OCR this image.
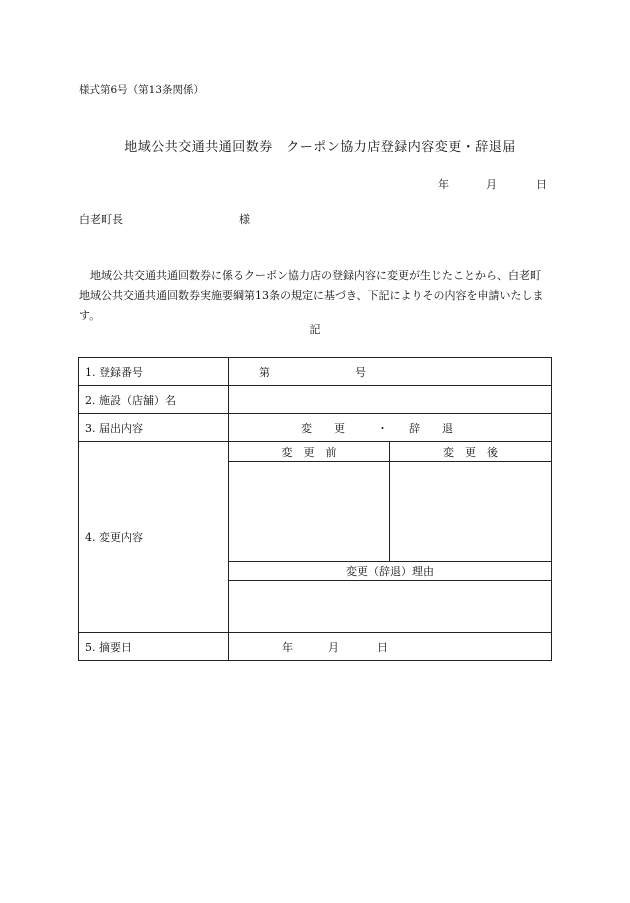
様式第6号（第13条関係）
地域公共交通共通回数券　クーポン協力店登録内容変更・辞退届
年	月	日
白老町長	様
地域公共交通共通回数券に係るクーポン協力店の登録内容に変更が生じたことから、白老町地域公共交通共通回数券実施要綱第13条の規定に基づき、下記によりその内容を申請いたします。
記
1. 登録番号	第 号	
2. 施設（店舗）名		
3. 届出内容	変　　更 ・ 辞　　退	
4. 変更内容	変　更　前	変　更　後

	変更（辞退）理由	

5. 摘要日	年 月 日	
